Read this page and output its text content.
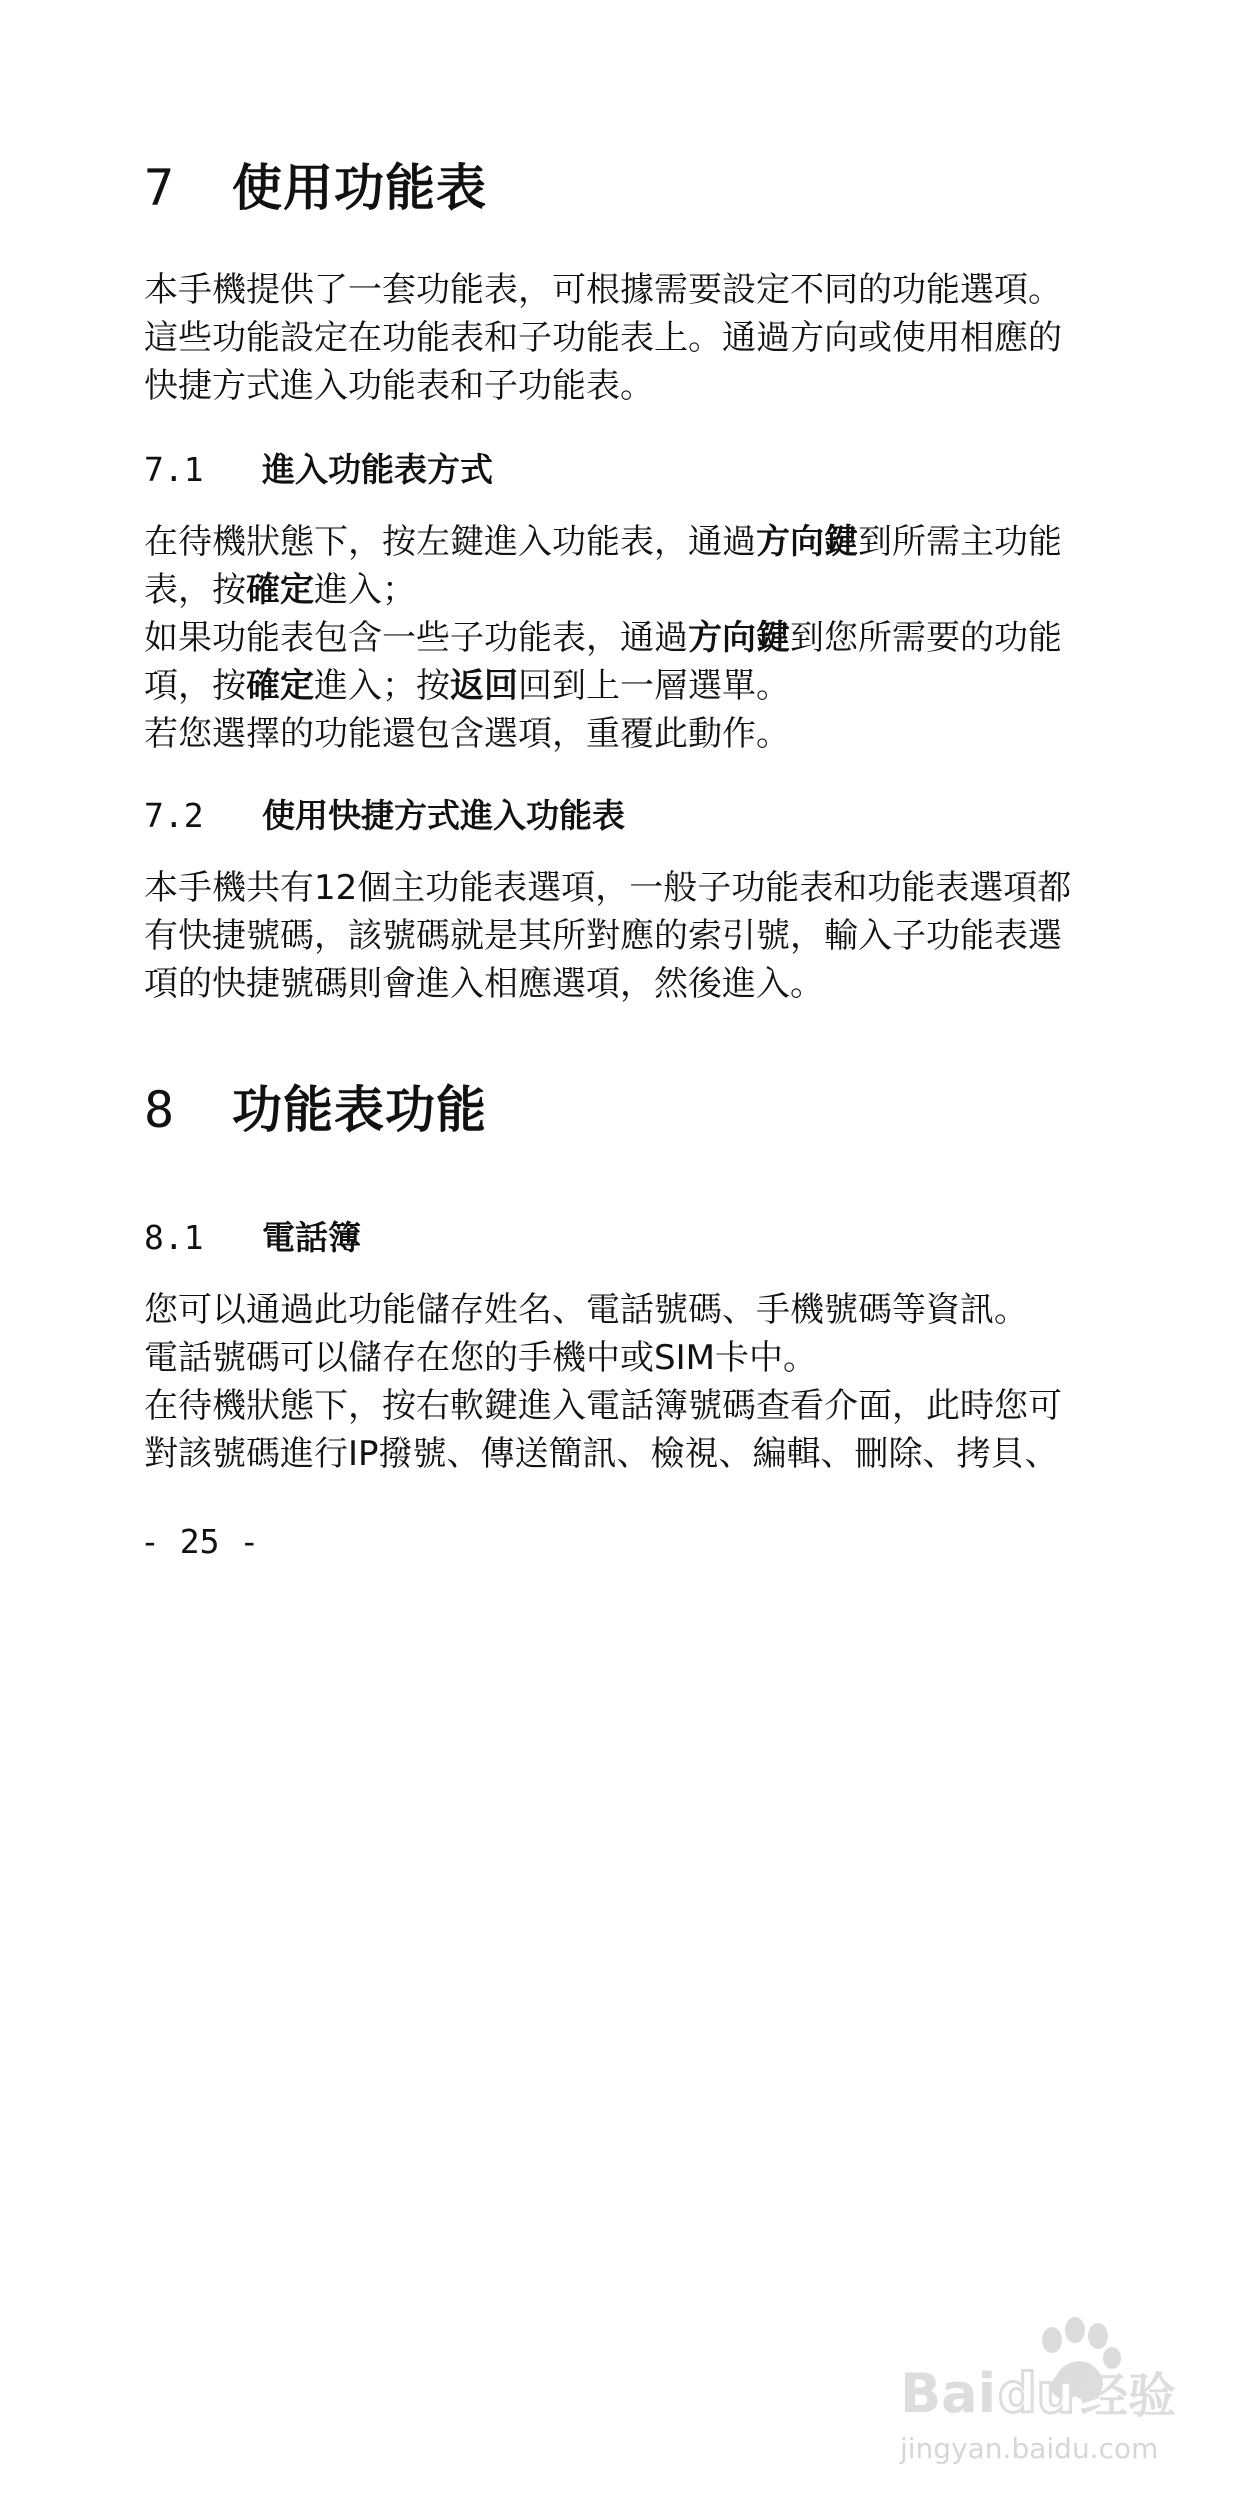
7 使用功能表
本手機提供了一套功能表，可根據需要設定不同的功能選項。
這些功能設定在功能表和子功能表上。通過方向或使用相應的
快捷方式進入功能表和子功能表。
7.1 進入功能表方式
在待機狀態下，按左鍵進入功能表，通過方向鍵到所需主功能
表，按確定進入；
如果功能表包含一些子功能表，通過方向鍵到您所需要的功能
項，按確定進入；按返回回到上一層選單。
若您選擇的功能還包含選項，重覆此動作。
7.2 使用快捷方式進入功能表
本手機共有12個主功能表選項，一般子功能表和功能表選項都
有快捷號碼，該號碼就是其所對應的索引號，輸入子功能表選
項的快捷號碼則會進入相應選項，然後進入。
8 功能表功能
8.1 電話簿
您可以通過此功能儲存姓名、電話號碼、手機號碼等資訊。
電話號碼可以儲存在您的手機中或SIM卡中。
在待機狀態下，按右軟鍵進入電話簿號碼查看介面，此時您可
對該號碼進行IP撥號、傳送簡訊、檢視、編輯、刪除、拷貝、
- 25 -
Bai du 经验
jingyan.baidu.com
